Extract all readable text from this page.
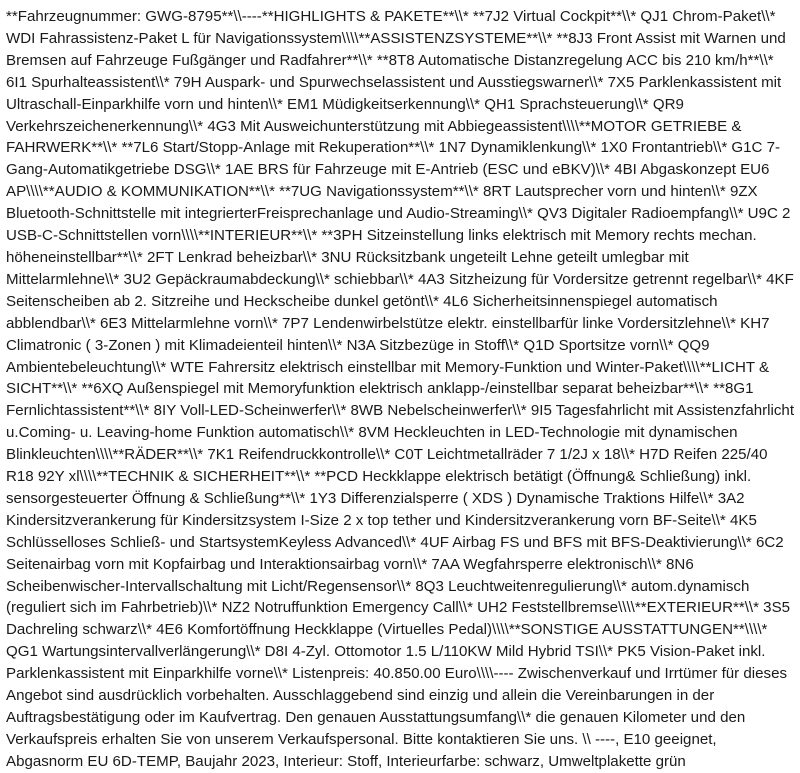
**Fahrzeugnummer: GWG-8795**\\----**HIGHLIGHTS & PAKETE**\\* **7J2 Virtual Cockpit**\\* QJ1 Chrom-Paket\\* WDI Fahrassistenz-Paket L für Navigationssystem\\\\**ASSISTENZSYSTEME**\\* **8J3 Front Assist mit Warnen und Bremsen auf Fahrzeuge Fußgänger und Radfahrer**\\* **8T8 Automatische Distanzregelung ACC bis 210 km/h**\\* 6I1 Spurhalteassistent\\* 79H Auspark- und Spurwechselassistent und Ausstiegswarner\\* 7X5 Parklenkassistent mit Ultraschall-Einparkhilfe vorn und hinten\\* EM1 Müdigkeitserkennung\\* QH1 Sprachsteuerung\\* QR9 Verkehrszeichenerkennung\\* 4G3 Mit Ausweichunterstützung mit Abbiegeassistent\\\\**MOTOR GETRIEBE & FAHRWERK**\\* **7L6 Start/Stopp-Anlage mit Rekuperation**\\* 1N7 Dynamiklenkung\\* 1X0 Frontantrieb\\* G1C 7-Gang-Automatikgetriebe DSG\\* 1AE BRS für Fahrzeuge mit E-Antrieb (ESC und eBKV)\\* 4BI Abgaskonzept EU6 AP\\\\**AUDIO & KOMMUNIKATION**\\* **7UG Navigationssystem**\\* 8RT Lautsprecher vorn und hinten\\* 9ZX Bluetooth-Schnittstelle mit integrierterFreisprechanlage und Audio-Streaming\\* QV3 Digitaler Radioempfang\\* U9C 2 USB-C-Schnittstellen vorn\\\\**INTERIEUR**\\* **3PH Sitzeinstellung links elektrisch mit Memory rechts mechan. höheneinstellbar**\\* 2FT Lenkrad beheizbar\\* 3NU Rücksitzbank ungeteilt Lehne geteilt umlegbar mit Mittelarmlehne\\* 3U2 Gepäckraumabdeckung\\* schiebbar\\* 4A3 Sitzheizung für Vordersitze getrennt regelbar\\* 4KF Seitenscheiben ab 2. Sitzreihe und Heckscheibe dunkel getönt\\* 4L6 Sicherheitsinnenspiegel automatisch abblendbar\\* 6E3 Mittelarmlehne vorn\\* 7P7 Lendenwirbelstütze elektr. einstellbarfür linke Vordersitzlehne\\* KH7 Climatronic ( 3-Zonen ) mit Klimadeienteil hinten\\* N3A Sitzbezüge in Stoff\\* Q1D Sportsitze vorn\\* QQ9 Ambientebeleuchtung\\* WTE Fahrersitz elektrisch einstellbar mit Memory-Funktion und Winter-Paket\\\\**LICHT & SICHT**\\* **6XQ Außenspiegel mit Memoryfunktion elektrisch anklapp-/einstellbar separat beheizbar**\\* **8G1 Fernlichtassistent**\\* 8IY Voll-LED-Scheinwerfer\\* 8WB Nebelscheinwerfer\\* 9I5 Tagesfahrlicht mit Assistenzfahrlicht u.Coming- u. Leaving-home Funktion automatisch\\* 8VM Heckleuchten in LED-Technologie mit dynamischen Blinkleuchten\\\\**RÄDER**\\* 7K1 Reifendruckkontrolle\\* C0T Leichtmetallräder 7 1/2J x 18\\* H7D Reifen 225/40 R18 92Y xl\\\\**TECHNIK & SICHERHEIT**\\* **PCD Heckklappe elektrisch betätigt (Öffnung& Schließung) inkl. sensorgesteuerter Öffnung & Schließung**\\* 1Y3 Differenzialsperre ( XDS ) Dynamische Traktions Hilfe\\* 3A2 Kindersitzverankerung für Kindersitzsystem I-Size 2 x top tether und Kindersitzverankerung vorn BF-Seite\\* 4K5 Schlüsselloses Schließ- und StartsystemKeyless Advanced\\* 4UF Airbag FS und BFS mit BFS-Deaktivierung\\* 6C2 Seitenairbag vorn mit Kopfairbag und Interaktionsairbag vorn\\* 7AA Wegfahrsperre elektronisch\\* 8N6 Scheibenwischer-Intervallschaltung mit Licht/Regensensor\\* 8Q3 Leuchtweitenregulierung\\* autom.dynamisch (reguliert sich im Fahrbetrieb)\\* NZ2 Notruffunktion Emergency Call\\* UH2 Feststellbremse\\\\**EXTERIEUR**\\* 3S5 Dachreling schwarz\\* 4E6 Komfortöffnung Heckklappe (Virtuelles Pedal)\\\\**SONSTIGE AUSSTATTUNGEN**\\\\* QG1 Wartungsintervallverlängerung\\* D8I 4-Zyl. Ottomotor 1.5 L/110KW Mild Hybrid TSI\\* PK5 Vision-Paket inkl. Parklenkassistent mit Einparkhilfe vorne\\* Listenpreis: 40.850.00 Euro\\\\---- Zwischenverkauf und Irrtümer für dieses Angebot sind ausdrücklich vorbehalten. Ausschlaggebend sind einzig und allein die Vereinbarungen in der Auftragsbestätigung oder im Kaufvertrag. Den genauen Ausstattungsumfang\\* die genauen Kilometer und den Verkaufspreis erhalten Sie von unserem Verkaufspersonal. Bitte kontaktieren Sie uns. \\ ----, E10 geeignet, Abgasnorm EU 6D-TEMP, Baujahr 2023, Interieur: Stoff, Interieurfarbe: schwarz, Umweltplakette grün
